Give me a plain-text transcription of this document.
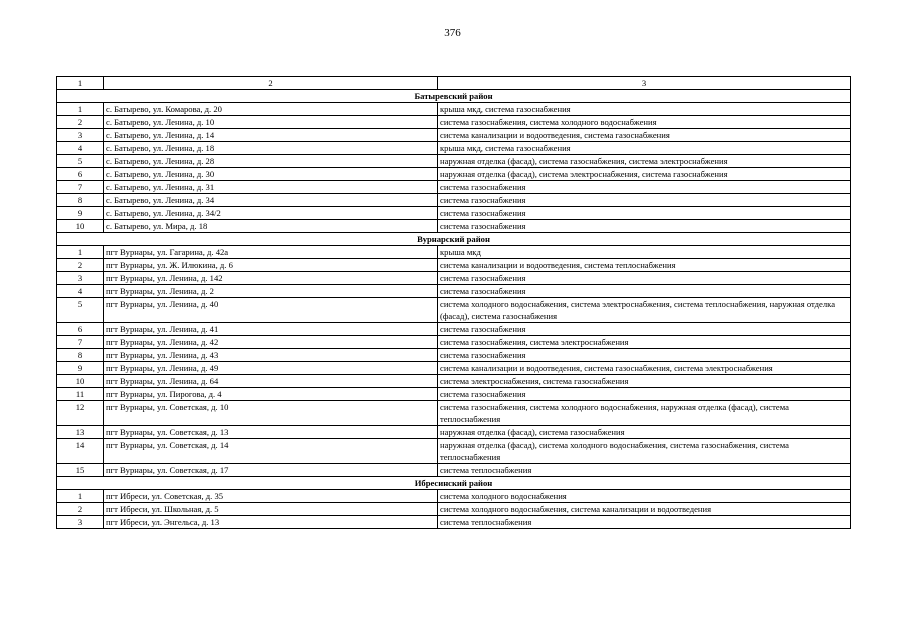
376
1	2	3
Батыревский район		
1	с. Батырево, ул. Комарова, д. 20	крыша мкд, система газоснабжения
2	с. Батырево, ул. Ленина, д. 10	система газоснабжения, система холодного водоснабжения
3	с. Батырево, ул. Ленина, д. 14	система канализации и водоотведения, система газоснабжения
4	с. Батырево, ул. Ленина, д. 18	крыша мкд, система газоснабжения
5	с. Батырево, ул. Ленина, д. 28	наружная отделка (фасад), система газоснабжения, система электроснабжения
6	с. Батырево, ул. Ленина, д. 30	наружная отделка (фасад), система электроснабжения, система газоснабжения
7	с. Батырево, ул. Ленина, д. 31	система газоснабжения
8	с. Батырево, ул. Ленина, д. 34	система газоснабжения
9	с. Батырево, ул. Ленина, д. 34/2	система газоснабжения
10	с. Батырево, ул. Мира, д. 18	система газоснабжения
Вурнарский район		
1	пгт Вурнары, ул. Гагарина, д. 42а	крыша мкд
2	пгт Вурнары, ул. Ж. Илюкина, д. 6	система канализации и водоотведения, система теплоснабжения
3	пгт Вурнары, ул. Ленина, д. 142	система газоснабжения
4	пгт Вурнары, ул. Ленина, д. 2	система газоснабжения
5	пгт Вурнары, ул. Ленина, д. 40	система холодного водоснабжения, система электроснабжения, система теплоснабжения, наружная отделка (фасад), система газоснабжения
6	пгт Вурнары, ул. Ленина, д. 41	система газоснабжения
7	пгт Вурнары, ул. Ленина, д. 42	система газоснабжения, система электроснабжения
8	пгт Вурнары, ул. Ленина, д. 43	система газоснабжения
9	пгт Вурнары, ул. Ленина, д. 49	система канализации и водоотведения, система газоснабжения, система электроснабжения
10	пгт Вурнары, ул. Ленина, д. 64	система электроснабжения, система газоснабжения
11	пгт Вурнары, ул. Пирогова, д. 4	система газоснабжения
12	пгт Вурнары, ул. Советская, д. 10	система газоснабжения, система холодного водоснабжения, наружная отделка (фасад), система теплоснабжения
13	пгт Вурнары, ул. Советская, д. 13	наружная отделка (фасад), система газоснабжения
14	пгт Вурнары, ул. Советская, д. 14	наружная отделка (фасад), система холодного водоснабжения, система газоснабжения, система теплоснабжения
15	пгт Вурнары, ул. Советская, д. 17	система теплоснабжения
Ибресинский район		
1	пгт Ибреси, ул. Советская, д. 35	система холодного водоснабжения
2	пгт Ибреси, ул. Школьная, д. 5	система холодного водоснабжения, система канализации и водоотведения
3	пгт Ибреси, ул. Энгельса, д. 13	система теплоснабжения
